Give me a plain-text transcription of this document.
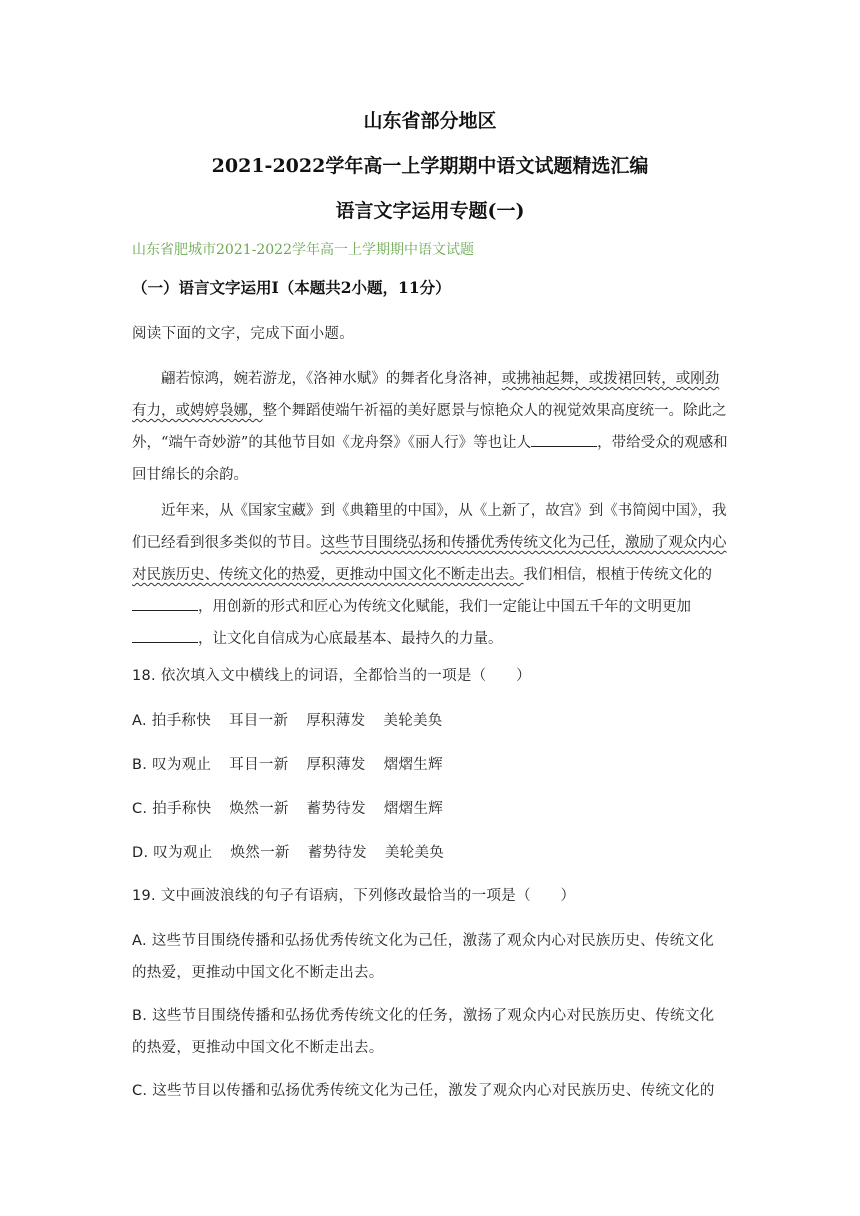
山东省部分地区
2021-2022学年高一上学期期中语文试题精选汇编
语言文字运用专题(一)
山东省肥城市2021-2022学年高一上学期期中语文试题
（一）语言文字运用Ⅰ（本题共2小题，11分）
阅读下面的文字，完成下面小题。

翩若惊鸿，婉若游龙，《洛神水赋》的舞者化身洛神，或拂袖起舞，或拨裙回转，或刚劲有力，或娉婷袅娜，整个舞蹈使端午祈福的美好愿景与惊艳众人的视觉效果高度统一。除此之外，“端午奇妙游”的其他节目如《龙舟祭》《丽人行》等也让人	，带给受众的观感和回甘绵长的余韵。

近年来，从《国家宝藏》到《典籍里的中国》，从《上新了，故宫》到《书简阅中国》，我们已经看到很多类似的节目。这些节目围绕弘扬和传播优秀传统文化为己任，激励了观众内心对民族历史、传统文化的热爱，更推动中国文化不断走出去。我们相信，根植于传统文化的，用创新的形式和匠心为传统文化赋能，我们一定能让中国五千年的文明更加，让文化自信成为心底最基本、最持久的力量。

18. 依次填入文中横线上的词语，全都恰当的一项是（　　）
A. 拍手称快 耳目一新 厚积薄发 美轮美奂
B. 叹为观止 耳目一新 厚积薄发 熠熠生辉
C. 拍手称快 焕然一新 蓄势待发 熠熠生辉
D. 叹为观止 焕然一新 蓄势待发 美轮美奂
19. 文中画波浪线的句子有语病，下列修改最恰当的一项是（　　）
A. 这些节目围绕传播和弘扬优秀传统文化为己任，激荡了观众内心对民族历史、传统文化
的热爱，更推动中国文化不断走出去。
B. 这些节目围绕传播和弘扬优秀传统文化的任务，激扬了观众内心对民族历史、传统文化
的热爱，更推动中国文化不断走出去。
C. 这些节目以传播和弘扬优秀传统文化为己任，激发了观众内心对民族历史、传统文化的
